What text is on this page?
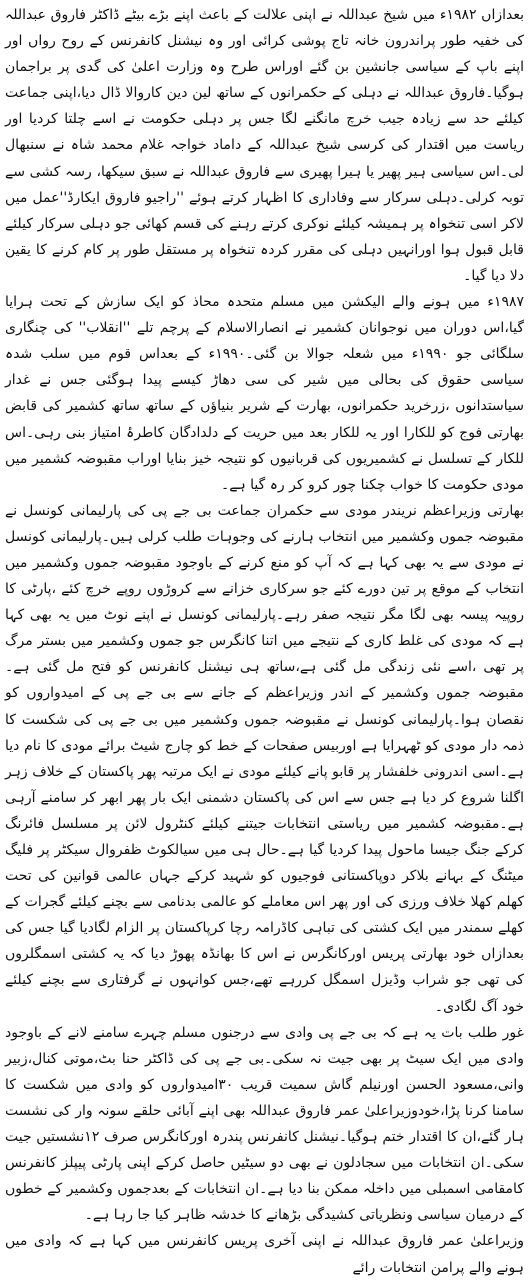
بعدازاں ۱۹۸۲ء میں شیخ عبداللہ نے اپنی علالت کے باعث اپنے بڑے بیٹے ڈاکٹر فاروق عبداللہ کی خفیہ طور پراندرون خانہ تاج پوشی کرائی اور وہ نیشنل کانفرنس کے روح رواں اور اپنے باپ کے سیاسی جانشین بن گئے اوراس طرح وہ وزارت اعلیٰ کی گدی پر براجمان ہوگیا۔فاروق عبداللہ نے دہلی کے حکمرانوں کے ساتھ لین دین کاروالا ڈال دیا،اپنی جماعت کیلئے حد سے زیادہ جیب خرچ مانگنے لگا جس پر دہلی حکومت نے اسے چلتا کردیا اور ریاست میں اقتدار کی کرسی شیخ عبداللہ کے داماد خواجہ غلام محمد شاہ نے سنبھال لی۔اس سیاسی ہیر پھیر یا ہیرا پھیری سے فاروق عبداللہ نے سبق سیکھا، رسہ کشی سے توبہ کرلی۔دہلی سرکار سے وفاداری کا اظہار کرتے ہوئے ''راجیو فاروق ایکارڈ''عمل میں لاکر اسی تنخواہ پر ہمیشہ کیلئے نوکری کرتے رہنے کی قسم کھائی جو دہلی سرکار کیلئے قابل قبول ہوا اورانہیں دہلی کی مقرر کردہ تنخواہ پر مستقل طور پر کام کرنے کا یقین دلا دیا گیا۔

۱۹۸۷ء میں ہونے والے الیکشن میں مسلم متحدہ محاذ کو ایک سازش کے تحت ہرایا گیا،اس دوران میں نوجوانان کشمیر نے انصارالاسلام کے پرچم تلے ''انقلاب'' کی چنگاری سلگائی جو ۱۹۹۰ء میں شعلہ جوالا بن گئی۔۱۹۹۰ء کے بعداس قوم میں سلب شدہ سیاسی حقوق کی بحالی میں شیر کی سی دھاڑ کیسے پیدا ہوگئی جس نے غدار سیاستدانوں ،زرخرید حکمرانوں، بھارت کے شریر بنیاؤں کے ساتھ ساتھ کشمیر کی قابض بھارتی فوج کو للکارا اور یہ للکار بعد میں حریت کے دلدادگان کاطرۂ امتیاز بنی رہی۔اس للکار کے تسلسل نے کشمیریوں کی قربانیوں کو نتیجہ خیز بنایا اوراب مقبوضہ کشمیر میں مودی حکومت کا خواب چکنا چور کرو کر رہ گیا ہے۔

بھارتی وزیراعظم نریندر مودی سے حکمران جماعت بی جے پی کی پارلیمانی کونسل نے مقبوضہ جموں وکشمیر میں انتخاب ہارنے کی وجوہات طلب کرلی ہیں۔پارلیمانی کونسل نے مودی سے یہ بھی کہا ہے کہ آپ کو منع کرنے کے باوجود مقبوضہ جموں وکشمیر میں انتخاب کے موقع پر تین دورے کئے جو سرکاری خزانے سے کروڑوں روپے خرچ کئے ،پارٹی کا روپیہ پیسہ بھی لگا مگر نتیجہ صفر رہے۔پارلیمانی کونسل نے اپنے نوٹ میں یہ بھی کہا ہے کہ مودی کی غلط کاری کے نتیجے میں اتنا کانگرس جو جموں وکشمیر میں بستر مرگ پر تھی ،اسے نئی زندگی مل گئی ہے،ساتھ ہی نیشنل کانفرنس کو فتح مل گئی ہے۔مقبوضہ جموں وکشمیر کے اندر وزیراعظم کے جانے سے بی جے پی کے امیدواروں کو نقصان ہوا۔پارلیمانی کونسل نے مقبوضہ جموں وکشمیر میں بی جے پی کی شکست کا ذمہ دار مودی کو ٹھہرایا ہے اوربیس صفحات کے خط کو چارج شیٹ برائے مودی کا نام دیا ہے۔اسی اندرونی خلفشار پر قابو پانے کیلئے مودی نے ایک مرتبہ پھر پاکستان کے خلاف زہر اگلنا شروع کر دیا ہے جس سے اس کی پاکستان دشمنی ایک بار پھر ابھر کر سامنے آرہی ہے۔مقبوضہ کشمیر میں ریاستی انتخابات جیتنے کیلئے کنٹرول لائن پر مسلسل فائرنگ کرکے جنگ جیسا ماحول پیدا کردیا گیا ہے۔حال ہی میں سیالکوٹ ظفروال سیکٹر پر فلیگ میٹنگ کے بہانے بلاکر دوپاکستانی فوجیوں کو شہید کرکے جہاں عالمی قوانین کی تحت کھلم کھلا خلاف ورزی کی اور پھر اس معاملے کو عالمی بدنامی سے بچنے کیلئے گجرات کے کھلے سمندر میں ایک کشتی کی تباہی کاڈرامہ رچا کرپاکستان پر الزام لگادیا گیا جس کی بعدازاں خود بھارتی پریس اورکانگرس نے اس کا بھانڈہ پھوڑ دیا کہ یہ کشتی اسمگلروں کی تھی جو شراب وڈیزل اسمگل کررہے تھے،جس کوانہوں نے گرفتاری سے بچنے کیلئے خود آگ لگادی۔

غور طلب بات یہ ہے کہ بی جے پی وادی سے درجنوں مسلم چہرے سامنے لانے کے باوجود وادی میں ایک سیٹ پر بھی جیت نہ سکی۔بی جے پی کی ڈاکٹر حنا بٹ،موتی کنال،زبیر وانی،مسعود الحسن اورنیلم گاش سمیت قریب ۳۰امیدواروں کو وادی میں شکست کا سامنا کرنا پڑا،خودوزیراعلیٰ عمر فاروق عبداللہ بھی اپنے آبائی حلقے سونہ وار کی نشست ہار گئے،ان کا اقتدار ختم ہوگیا۔نیشنل کانفرنس پندرہ اورکانگرس صرف ۱۲نشستیں جیت سکی۔ان انتخابات میں سجادلون نے بھی دو سیٹیں حاصل کرکے اپنی پارٹی پیپلز کانفرنس کامقامی اسمبلی میں داخلہ ممکن بنا دیا ہے۔ان انتخابات کے بعدجموں وکشمیر کے خطوں کے درمیان سیاسی ونظریاتی کشیدگی بڑھانے کا خدشہ ظاہر کیا جا رہا ہے۔

وزیراعلیٰ عمر فاروق عبداللہ نے اپنی آخری پریس کانفرنس میں کہا ہے کہ وادی میں ہونے والے پرامن انتخابات رائے
